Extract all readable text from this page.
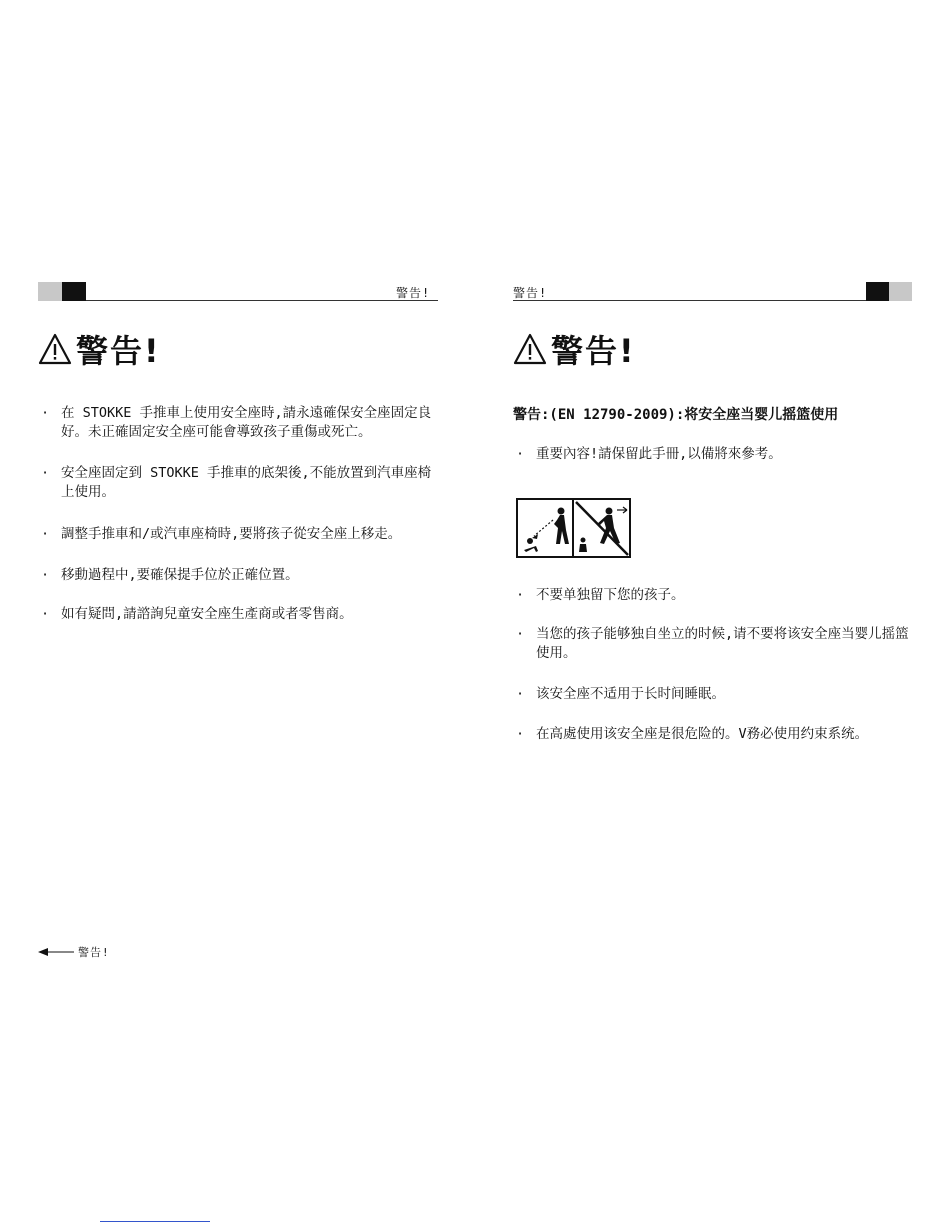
警告!	警告!
警告!	警告!
· 在 STOKKE 手推車上使用安全座時,請永遠確保安全座固定良好。未正確固定安全座可能會導致孩子重傷或死亡。
· 安全座固定到 STOKKE 手推車的底架後,不能放置到汽車座椅上使用。
· 調整手推車和/或汽車座椅時,要將孩子從安全座上移走。
· 移動過程中,要確保提手位於正確位置。
· 如有疑問,請諮詢兒童安全座生產商或者零售商。
警告:(EN 12790-2009):将安全座当婴儿摇篮使用
· 重要內容!請保留此手冊,以備將來參考。
· 不要单独留下您的孩子。
· 当您的孩子能够独自坐立的时候,请不要将该安全座当婴儿摇篮使用。
· 该安全座不适用于长时间睡眠。
· 在高處使用该安全座是很危险的。V務必使用约束系统。
警告!
